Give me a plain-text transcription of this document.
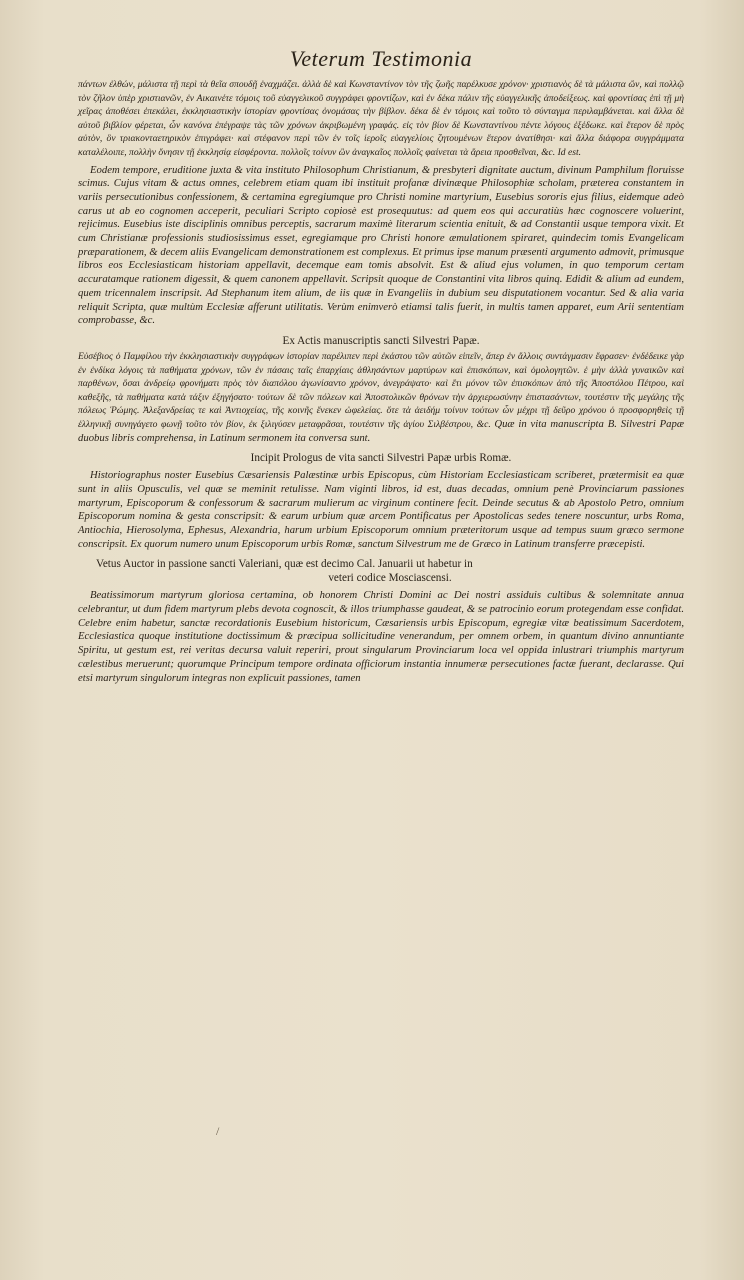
Veterum Testimonia

πάντων ἐλθών, μάλιστα τῇ περὶ τὰ θεῖα σπουδῇ ἐναχμάζει. ἀλλὰ δὲ καὶ Κωνσταντίνον τὸν τῆς ζωῆς παρέλκυσε χρόνον· χριστιανὸς δὲ τὰ μάλιστα ὤν, καὶ πολλῷ τὸν ζῆλον ὑπὲρ χριστιανῶν, ἐν Αικαινέτε τόμοις τοῦ εὐαγγελικοῦ συγγράφει φροντίζων, καὶ ἐν δέκα πάλιν τῆς εὐαγγελικῆς ἀποδείξεως. καὶ φροντίσας ἐπὶ τῇ μὴ χεῖρας ἀποθέσει ἐπεκάλει, ἐκκλησιαστικὴν ἱστορίαν φροντίσας ὀνομάσας τὴν βίβλον. δέκα δὲ ἐν τόμοις καὶ τοῦτο τὸ σύνταγμα περιλαμβάνεται. καὶ ἄλλα δὲ αὐτοῦ βιβλίον φέρεται, ὧν κανόνα ἐπέγραψε τὰς τῶν χρόνων ἀκριβωμένη γραφάς. εἰς τὸν βίον δὲ Κωνσταντίνου πέντε λόγους ἐξέδωκε. καὶ ἕτερον δὲ πρὸς αὐτὸν, ὃν τριακονταετηρικὸν ἐπιγράφει· καὶ στέφανον περὶ τῶν ἐν τοῖς ἱεροῖς εὐαγγελίοις ζητουμένων ἕτερον ἀνατίθησι· καὶ ἄλλα διάφορα συγγράμματα καταλέλοιπε, πολλὴν ὄνησιν τῇ ἐκκλησίᾳ εἰσφέροντα. πολλοῖς τοίνυν ὢν ἀναγκαῖος πολλοῖς φαίνεται τὰ ἄρεια προσθεῖναι, &c. Id est.

Eodem tempore, eruditione juxta & vita instituto Philosophum Christianum, & presbyteri dignitate auctum, divinum Pamphilum floruisse scimus. Cujus vitam & actus omnes, celebrem etiam quam ibi instituit profanæ divinæque Philosophiæ scholam, præterea constantem in variis persecutionibus confessionem, & certamina egregiumque pro Christi nomine martyrium, Eusebius sororis ejus filius, eidemque adeò carus ut ab eo cognomen acceperit, peculiari Scripto copiosè est prosequutus: ad quem eos qui accuratiùs hæc cognoscere voluerint, rejicimus. Eusebius iste disciplinis omnibus perceptis, sacrarum maximè literarum scientia enituit, & ad Constantii usque tempora vixit. Et cum Christianæ professionis studiosissimus esset, egregiamque pro Christi honore æmulationem spiraret, quindecim tomis Evangelicam præparationem, & decem aliis Evangelicam demonstrationem est complexus. Et primus ipse manum præsenti argumento admovit, primusque libros eos Ecclesiasticam historiam appellavit, decemque eam tomis absolvit. Est & aliud ejus volumen, in quo temporum certam accuratamque rationem digessit, & quem canonem appellavit. Scripsit quoque de Constantini vita libros quinq. Edidit & alium ad eundem, quem tricennalem inscripsit. Ad Stephanum item alium, de iis quæ in Evangeliis in dubium seu disputationem vocantur. Sed & alia varia reliquit Scripta, quæ multùm Ecclesiæ afferunt utilitatis. Verùm enimverò etiamsi talis fuerit, in multis tamen apparet, eum Arii sententiam comprobasse, &c.

Ex Actis manuscriptis sancti Silvestri Papæ.

Εὐσέβιος ὁ Παμφίλου τὴν ἐκκλησιαστικὴν συγγράφων ἱστορίαν παρέλιπεν περὶ ἐκάστου τῶν αὐτῶν εἰπεῖν, ἅπερ ἐν ἄλλοις συντάγμασιν ἔφρασεν· ἐνδέδεικε γὰρ ἐν ἐνδίκα λόγοις τὰ παθήματα χρόνων, τῶν ἐν πάσαις ταῖς ἐπαρχίαις ἀθλησάντων μαρτύρων καὶ ἐπισκόπων, καὶ ὁμολογητῶν. ἐ μὴν ἀλλὰ γυναικῶν καὶ παρθένων, ὅσαι ἀνδρείῳ φρονήματι πρὸς τὸν διαπόλου ἀγωνίσαντο χρόνον, ἀνεγράψατο· καὶ ἔτι μόνον τῶν ἐπισκόπων ἀπὸ τῆς Ἀποστόλου Πέτρου, καὶ καθεξῆς, τὰ παθήματα κατὰ τάξιν ἐξηγήσατο· τούτων δὲ τῶν πόλεων καὶ Ἀποστολικῶν θρόνων τὴν ἀρχιερωσύνην ἐπιστασάντων, τουτέστιν τῆς μεγάλης τῆς πόλεως Ῥώμης. Ἀλεξανδρείας τε καὶ Ἀντιοχείας, τῆς κοινῆς ἕνεκεν ὠφελείας. ὅτε τὰ ἀειδήμ τοίνυν τούτων ὧν μέχρι τῇ δεῦρο χρόνου ὁ προσφορηθεὶς τῇ ἑλληνικῇ συνηγάγετο φωνῇ τοῦτο τὸν βίον, ἐκ ξιλιγύσεν μεταφρᾶσαι, τουτέστιν τῆς ἁγίου Σιλβέστρου, &c. Quæ in vita manuscripta B. Silvestri Papæ duobus libris comprehensa, in Latinum sermonem ita conversa sunt.

Incipit Prologus de vita sancti Silvestri Papæ urbis Romæ.

Historiographus noster Eusebius Cæsariensis Palæstinæ urbis Episcopus, cùm Historiam Ecclesiasticam scriberet, prætermisit ea quæ sunt in aliis Opusculis, vel quæ se meminit retulisse. Nam viginti libros, id est, duas decadas, omnium penè Provinciarum passiones martyrum, Episcoporum & confessorum & sacrarum mulierum ac virginum continere fecit. Deinde secutus & ab Apostolo Petro, omnium Episcoporum nomina & gesta conscripsit: & earum urbium quæ arcem Pontificatus per Apostolicas sedes tenere noscuntur, urbs Roma, Antiochia, Hierosolyma, Ephesus, Alexandria, harum urbium Episcoporum omnium præteritorum usque ad tempus suum græco sermone conscripsit. Ex quorum numero unum Episcoporum urbis Romæ, sanctum Silvestrum me de Græco in Latinum transferre præcepisti.

Vetus Auctor in passione sancti Valeriani, quæ est decimo Cal. Januarii ut habetur in

veteri codice Mosciascensi.

Beatissimorum martyrum gloriosa certamina, ob honorem Christi Domini ac Dei nostri assiduis cultibus & solemnitate annua celebrantur, ut dum fidem martyrum plebs devota cognoscit, & illos triumphasse gaudeat, & se patrocinio eorum protegendam esse confidat. Celebre enim habetur, sanctæ recordationis Eusebium historicum, Cæsariensis urbis Episcopum, egregiæ vitæ beatissimum Sacerdotem, Ecclesiastica quoque institutione doctissimum & præcipua sollicitudine venerandum, per omnem orbem, in quantum divino annuntiante Spiritu, ut gestum est, rei veritas decursa valuit reperiri, prout singularum Provinciarum loca vel oppida inlustrari triumphis martyrum cælestibus meruerunt; quorumque Principum tempore ordinata officiorum instantia innumeræ persecutiones factæ fuerant, declarasse. Qui etsi martyrum singulorum integras non explicuit passiones, tamen

/
